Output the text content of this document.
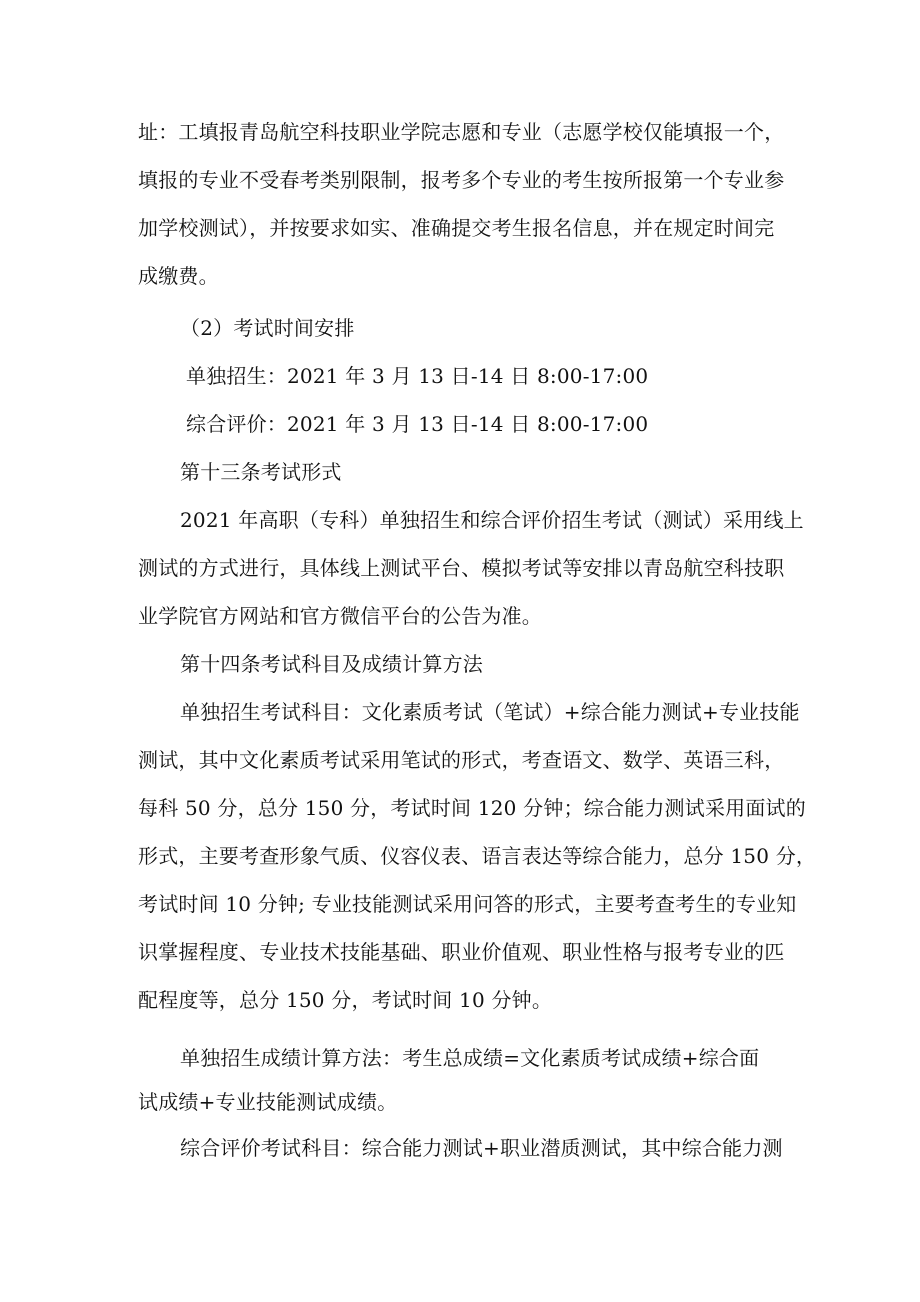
址：工填报青岛航空科技职业学院志愿和专业（志愿学校仅能填报一个，
填报的专业不受春考类别限制，报考多个专业的考生按所报第一个专业参
加学校测试），并按要求如实、准确提交考生报名信息，并在规定时间完
成缴费。
（2）考试时间安排
单独招生：2021 年 3 月 13 日-14 日 8:00-17:00
综合评价：2021 年 3 月 13 日-14 日 8:00-17:00
第十三条考试形式
2021 年高职（专科）单独招生和综合评价招生考试（测试）采用线上
测试的方式进行，具体线上测试平台、模拟考试等安排以青岛航空科技职
业学院官方网站和官方微信平台的公告为准。
第十四条考试科目及成绩计算方法
单独招生考试科目：文化素质考试（笔试）+综合能力测试+专业技能
测试，其中文化素质考试采用笔试的形式，考查语文、数学、英语三科，
每科 50 分，总分 150 分，考试时间 120 分钟；综合能力测试采用面试的
形式，主要考查形象气质、仪容仪表、语言表达等综合能力，总分 150 分，
考试时间 10 分钟; 专业技能测试采用问答的形式，主要考查考生的专业知
识掌握程度、专业技术技能基础、职业价值观、职业性格与报考专业的匹
配程度等，总分 150 分，考试时间 10 分钟。
单独招生成绩计算方法：考生总成绩=文化素质考试成绩+综合面
试成绩+专业技能测试成绩。
综合评价考试科目：综合能力测试+职业潜质测试，其中综合能力测
